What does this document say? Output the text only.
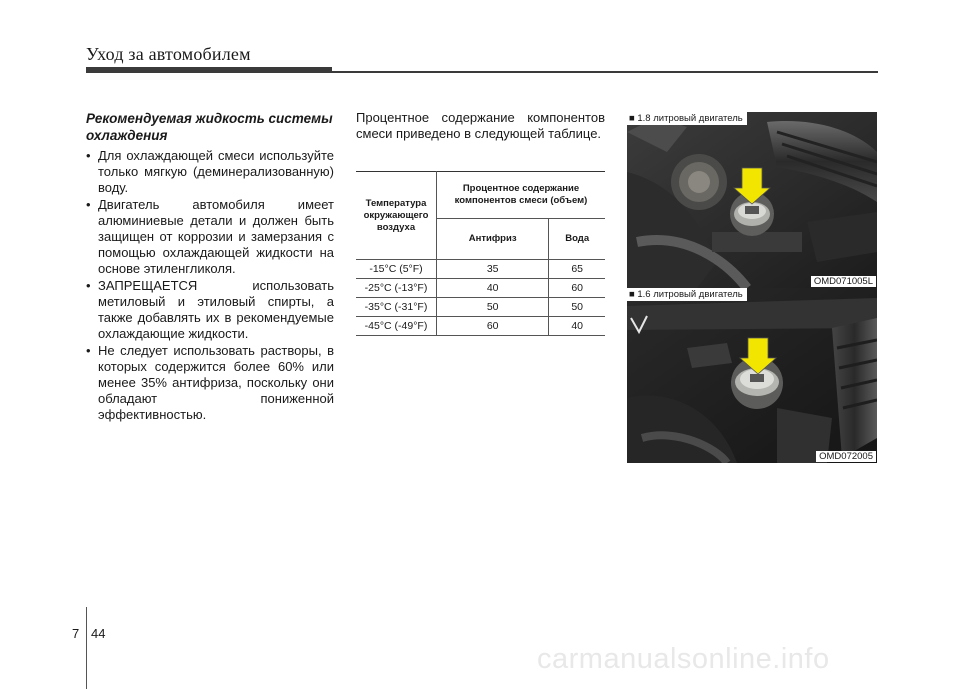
Уход за автомобилем
Рекомендуемая жидкость системы охлаждения
• Для охлаждающей смеси используйте только мягкую (деминерализованную) воду.
• Двигатель автомобиля имеет алюминиевые детали и должен быть защищен от коррозии и замерзания с помощью охлаждающей жидкости на основе этиленгликоля.
• ЗАПРЕЩАЕТСЯ использовать метиловый и этиловый спирты, а также добавлять их в рекомендуемые охлаждающие жидкости.
• Не следует использовать растворы, в которых содержится более 60% или менее 35% антифриза, поскольку они обладают пониженной эффективностью.
Процентное содержание компонентов смеси приведено в следующей таблице.
Температура окружающего воздуха	Процентное содержание компонентов смеси (объем)	
	Антифриз	Вода
-15°C (5°F)	35	65
-25°C (-13°F)	40	60
-35°C (-31°F)	50	50
-45°C (-49°F)	60	40
■ 1.8 литровый двигатель
OMD071005L
■ 1.6 литровый двигатель
OMD072005
7 44
carmanualsonline.info
